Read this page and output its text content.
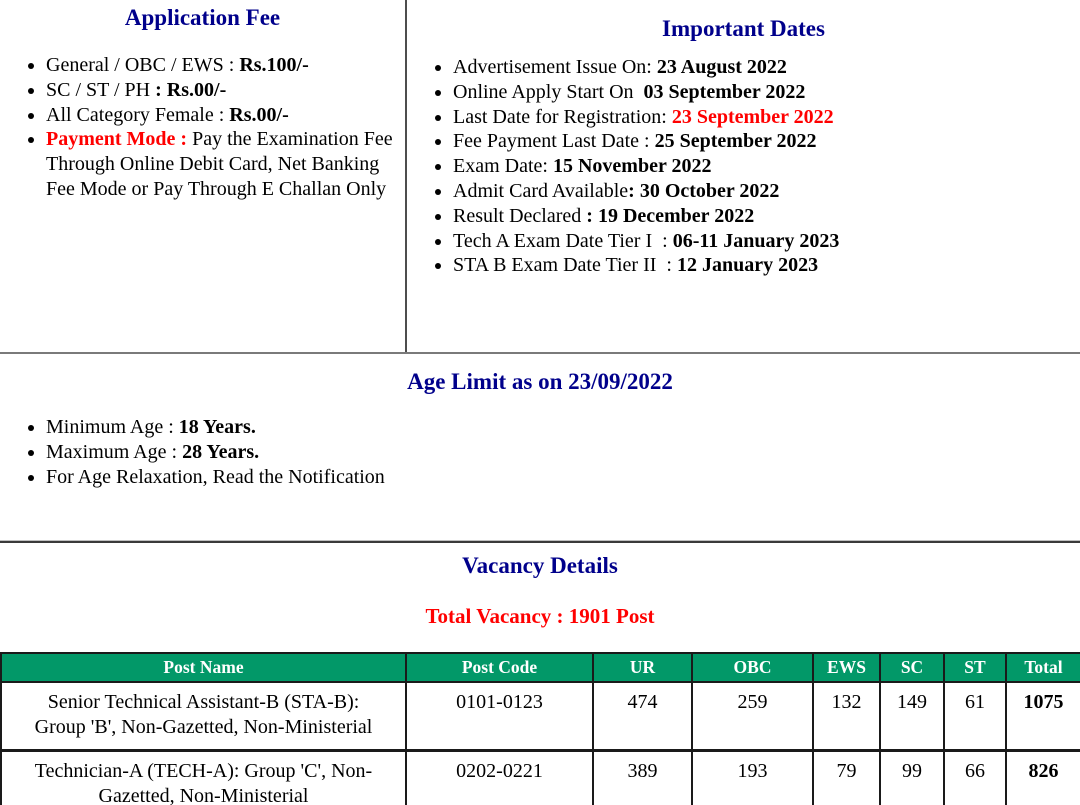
Application Fee
• General / OBC / EWS : Rs.100/-
• SC / ST / PH : Rs.00/-
• All Category Female : Rs.00/-
• Payment Mode : Pay the Examination Fee Through Online Debit Card, Net Banking Fee Mode or Pay Through E Challan Only
Important Dates
• Advertisement Issue On: 23 August 2022
• Online Apply Start On  03 September 2022
• Last Date for Registration: 23 September 2022
• Fee Payment Last Date : 25 September 2022
• Exam Date: 15 November 2022
• Admit Card Available: 30 October 2022
• Result Declared : 19 December 2022
• Tech A Exam Date Tier I  : 06-11 January 2023
• STA B Exam Date Tier II  : 12 January 2023
Age Limit as on 23/09/2022
• Minimum Age : 18 Years.
• Maximum Age : 28 Years.
• For Age Relaxation, Read the Notification
Vacancy Details
Total Vacancy : 1901 Post
Post Name	Post Code	UR	OBC	EWS	SC	ST	Total

Senior Technical Assistant-B (STA-B):
Group 'B', Non-Gazetted, Non-Ministerial	0101-0123	474	259	132	149	61	1075

Technician-A (TECH-A): Group 'C', Non-
Gazetted, Non-Ministerial	0202-0221	389	193	79	99	66	826
